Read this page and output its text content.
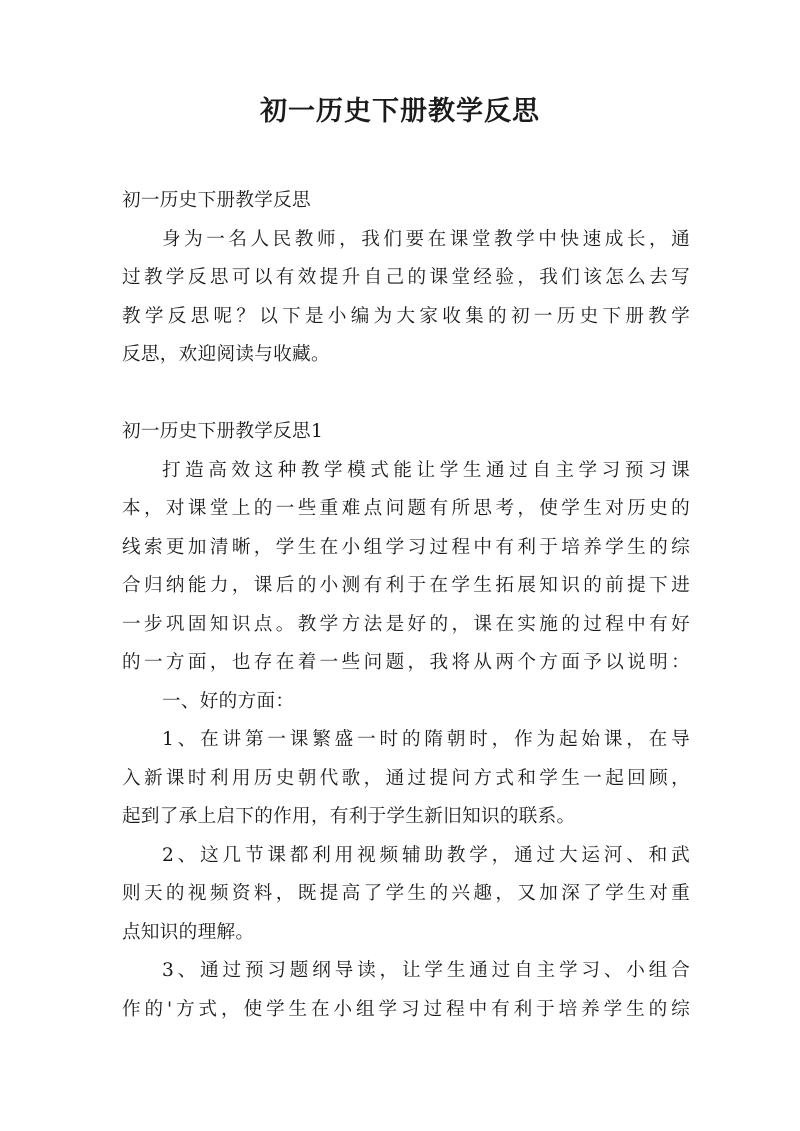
初一历史下册教学反思
初一历史下册教学反思
身为一名人民教师，我们要在课堂教学中快速成长，通
过教学反思可以有效提升自己的课堂经验，我们该怎么去写
教学反思呢？以下是小编为大家收集的初一历史下册教学
反思，欢迎阅读与收藏。
初一历史下册教学反思1
打造高效这种教学模式能让学生通过自主学习预习课
本，对课堂上的一些重难点问题有所思考，使学生对历史的
线索更加清晰，学生在小组学习过程中有利于培养学生的综
合归纳能力，课后的小测有利于在学生拓展知识的前提下进
一步巩固知识点。教学方法是好的，课在实施的过程中有好
的一方面，也存在着一些问题，我将从两个方面予以说明：
一、好的方面：
1、在讲第一课繁盛一时的隋朝时，作为起始课，在导
入新课时利用历史朝代歌，通过提问方式和学生一起回顾，
起到了承上启下的作用，有利于学生新旧知识的联系。
2、这几节课都利用视频辅助教学，通过大运河、和武
则天的视频资料，既提高了学生的兴趣，又加深了学生对重
点知识的理解。
3、通过预习题纲导读，让学生通过自主学习、小组合
作的'方式，使学生在小组学习过程中有利于培养学生的综
